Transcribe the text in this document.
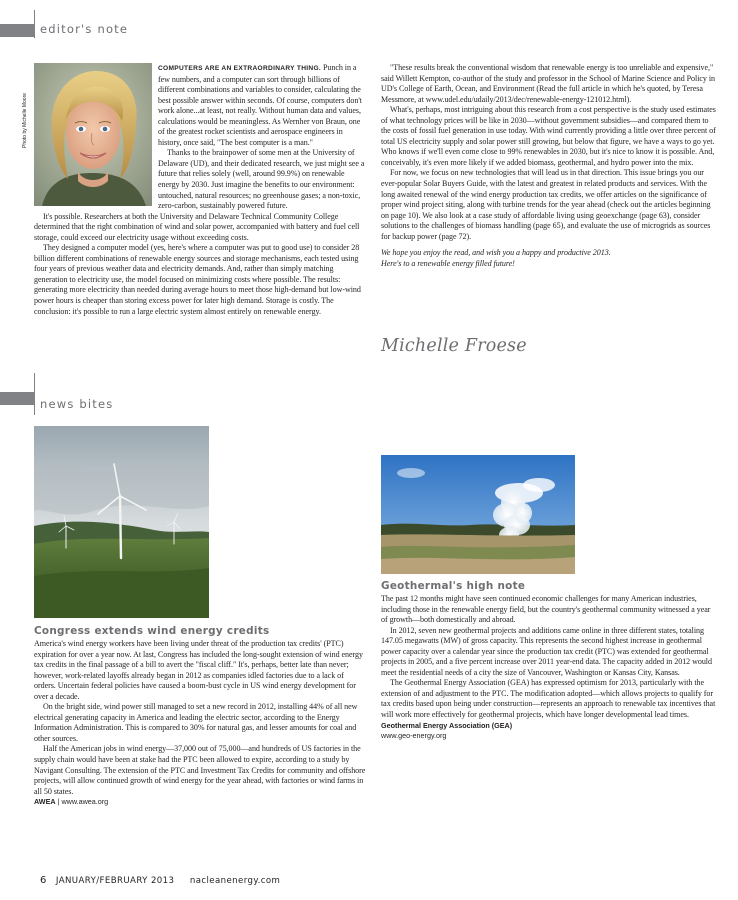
editor's note
Photo by Michelle Moore

COMPUTERS ARE AN EXTRAORDINARY THING. Punch in a few numbers, and a computer can sort through billions of different combinations and variables to consider, calculating the best possible answer within seconds. Of course, computers don't work alone...at least, not really. Without human data and values, calculations would be meaningless. As Wernher von Braun, one of the greatest rocket scientists and aerospace engineers in history, once said, "The best computer is a man."

Thanks to the brainpower of some men at the University of Delaware (UD), and their dedicated research, we just might see a future that relies solely (well, around 99.9%) on renewable energy by 2030. Just imagine the benefits to our environment: untouched, natural resources; no greenhouse gases; a non-toxic, zero-carbon, sustainably powered future.

It's possible. Researchers at both the University and Delaware Technical Community College determined that the right combination of wind and solar power, accompanied with battery and fuel cell storage, could exceed our electricity usage without exceeding costs.

They designed a computer model (yes, here's where a computer was put to good use) to consider 28 billion different combinations of renewable energy sources and storage mechanisms, each tested using four years of previous weather data and electricity demands. And, rather than simply matching generation to electricity use, the model focused on minimizing costs where possible. The results: generating more electricity than needed during average hours to meet those high-demand but low-wind power hours is cheaper than storing excess power for later high demand. Storage is costly. The conclusion: it's possible to run a large electric system almost entirely on renewable energy.

"These results break the conventional wisdom that renewable energy is too unreliable and expensive," said Willett Kempton, co-author of the study and professor in the School of Marine Science and Policy in UD's College of Earth, Ocean, and Environment (Read the full article in which he's quoted, by Teresa Messmore, at www.udel.edu/udaily/2013/dec/renewable-energy-121012.html).

What's, perhaps, most intriguing about this research from a cost perspective is the study used estimates of what technology prices will be like in 2030—without government subsidies—and compared them to the costs of fossil fuel generation in use today. With wind currently providing a little over three percent of total US electricity supply and solar power still growing, but below that figure, we have a ways to go yet. Who knows if we'll even come close to 99% renewables in 2030, but it's nice to know it is possible. And, conceivably, it's even more likely if we added biomass, geothermal, and hydro power into the mix.

For now, we focus on new technologies that will lead us in that direction. This issue brings you our ever-popular Solar Buyers Guide, with the latest and greatest in related products and services. With the long awaited renewal of the wind energy production tax credits, we offer articles on the significance of proper wind project siting, along with turbine trends for the year ahead (check out the articles beginning on page 10). We also look at a case study of affordable living using geoexchange (page 63), consider solutions to the challenges of biomass handling (page 65), and evaluate the use of microgrids as sources for backup power (page 72).

We hope you enjoy the read, and wish you a happy and productive 2013.

Here's to a renewable energy filled future!

Michelle Froese
news bites
Congress extends wind energy credits

America's wind energy workers have been living under threat of the production tax credits' (PTC) expiration for over a year now. At last, Congress has included the long-sought extension of wind energy tax credits in the final passage of a bill to avert the "fiscal cliff." It's, perhaps, better late than never; however, work-related layoffs already began in 2012 as companies idled factories due to a lack of orders. Uncertain federal policies have caused a boom-bust cycle in US wind energy development for over a decade.

On the bright side, wind power still managed to set a new record in 2012, installing 44% of all new electrical generating capacity in America and leading the electric sector, according to the Energy Information Administration. This is compared to 30% for natural gas, and lesser amounts for coal and other sources.

Half the American jobs in wind energy—37,000 out of 75,000—and hundreds of US factories in the supply chain would have been at stake had the PTC been allowed to expire, according to a study by Navigant Consulting. The extension of the PTC and Investment Tax Credits for community and offshore projects, will allow continued growth of wind energy for the year ahead, with factories or wind farms in all 50 states.

AWEA | www.awea.org
Geothermal's high note

The past 12 months might have seen continued economic challenges for many American industries, including those in the renewable energy field, but the country's geothermal community witnessed a year of growth—both domestically and abroad.

In 2012, seven new geothermal projects and additions came online in three different states, totaling 147.05 megawatts (MW) of gross capacity. This represents the second highest increase in geothermal power capacity over a calendar year since the production tax credit (PTC) was extended for geothermal projects in 2005, and a five percent increase over 2011 year-end data. The capacity added in 2012 would meet the residential needs of a city the size of Vancouver, Washington or Kansas City, Kansas.

The Geothermal Energy Association (GEA) has expressed optimism for 2013, particularly with the extension of and adjustment to the PTC. The modification adopted—which allows projects to qualify for tax credits based upon being under construction—represents an approach to renewable tax incentives that will work more effectively for geothermal projects, which have longer developmental lead times.

Geothermal Energy Association (GEA)
www.geo-energy.org
6 JANUARY/FEBRUARY 2013 nacleanenergy.com
